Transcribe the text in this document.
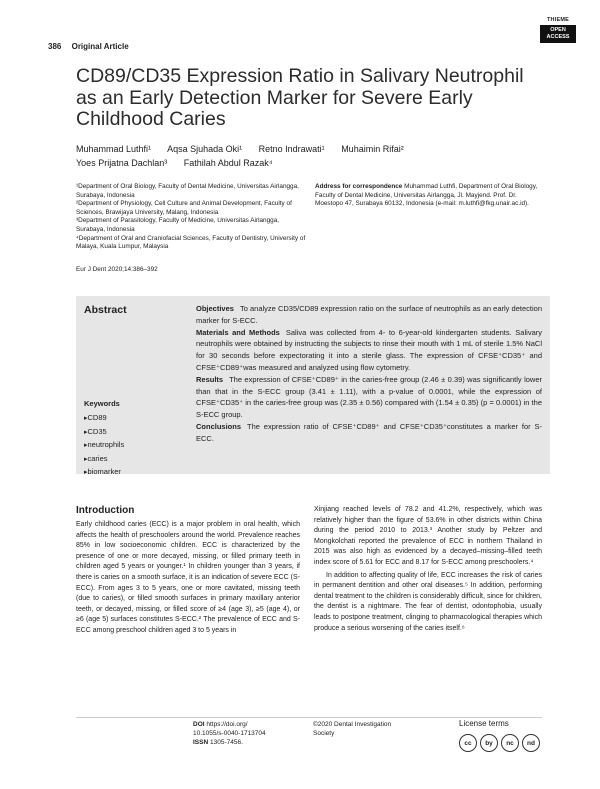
386 Original Article
THIEME
OPEN
ACCESS
CD89/CD35 Expression Ratio in Salivary Neutrophil as an Early Detection Marker for Severe Early Childhood Caries
Muhammad Luthfi¹ Aqsa Sjuhada Oki¹ Retno Indrawati¹ Muhaimin Rifai²
Yoes Prijatna Dachlan³ Fathilah Abdul Razak⁴
¹Department of Oral Biology, Faculty of Dental Medicine, Universitas Airlangga, Surabaya, Indonesia
²Department of Physiology, Cell Culture and Animal Development, Faculty of Sciences, Brawijaya University, Malang, Indonesia
³Department of Parasitology, Faculty of Medicine, Universitas Airlangga, Surabaya, Indonesia
⁴Department of Oral and Craniofacial Sciences, Faculty of Dentistry, University of Malaya, Kuala Lumpur, Malaysia
Address for correspondence Muhammad Luthfi, Department of Oral Biology, Faculty of Dental Medicine, Universitas Airlangga, Jl. Mayjend. Prof. Dr. Moestopo 47, Surabaya 60132, Indonesia (e-mail: m.luthfi@fkg.unair.ac.id).
Eur J Dent 2020;14:386–392
Abstract
Keywords
▸ CD89
▸ CD35
▸ neutrophils
▸ caries
▸ biomarker

Objectives To analyze CD35/CD89 expression ratio on the surface of neutrophils as an early detection marker for S-ECC.

Materials and Methods Saliva was collected from 4- to 6-year-old kindergarten students. Salivary neutrophils were obtained by instructing the subjects to rinse their mouth with 1 mL of sterile 1.5% NaCl for 30 seconds before expectorating it into a sterile glass. The expression of CFSE⁺CD35⁺ and CFSE⁺CD89⁺was measured and analyzed using flow cytometry.

Results The expression of CFSE⁺CD89⁺ in the caries-free group (2.46 ± 0.39) was significantly lower than that in the S-ECC group (3.41 ± 1.11), with a p-value of 0.0001, while the expression of CFSE⁺CD35⁺ in the caries-free group was (2.35 ± 0.56) compared with (1.54 ± 0.35) (p = 0.0001) in the S-ECC group.

Conclusions The expression ratio of CFSE⁺CD89⁺ and CFSE⁺CD35⁺constitutes a marker for S-ECC.

Introduction

Early childhood caries (ECC) is a major problem in oral health, which affects the health of preschoolers around the world. Prevalence reaches 85% in low socioeconomic children. ECC is characterized by the presence of one or more decayed, missing, or filled primary teeth in children aged 5 years or younger.¹ In children younger than 3 years, if there is caries on a smooth surface, it is an indication of severe ECC (S-ECC). From ages 3 to 5 years, one or more cavitated, missing teeth (due to caries), or filled smooth surfaces in primary maxillary anterior teeth, or decayed, missing, or filled score of ≥4 (age 3), ≥5 (age 4), or ≥6 (age 5) surfaces constitutes S-ECC.² The prevalence of ECC and S-ECC among preschool children aged 3 to 5 years in

Xinjiang reached levels of 78.2 and 41.2%, respectively, which was relatively higher than the figure of 53.6% in other districts within China during the period 2010 to 2013.³ Another study by Peltzer and Mongkolchati reported the prevalence of ECC in northern Thailand in 2015 was also high as evidenced by a decayed–missing–filled teeth index score of 5.61 for ECC and 8.17 for S-ECC among preschoolers.⁴

In addition to affecting quality of life, ECC increases the risk of caries in permanent dentition and other oral diseases.⁵ In addition, performing dental treatment to the children is considerably difficult, since for children, the dentist is a nightmare. The fear of dentist, odontophobia, usually leads to postpone treatment, clinging to pharmacological therapies which produce a serious worsening of the caries itself.⁶

DOI https://doi.org/
10.1055/s-0040-1713704
ISSN 1305-7456.
©2020 Dental Investigation
Society
License terms
cc	by	nc	nd
